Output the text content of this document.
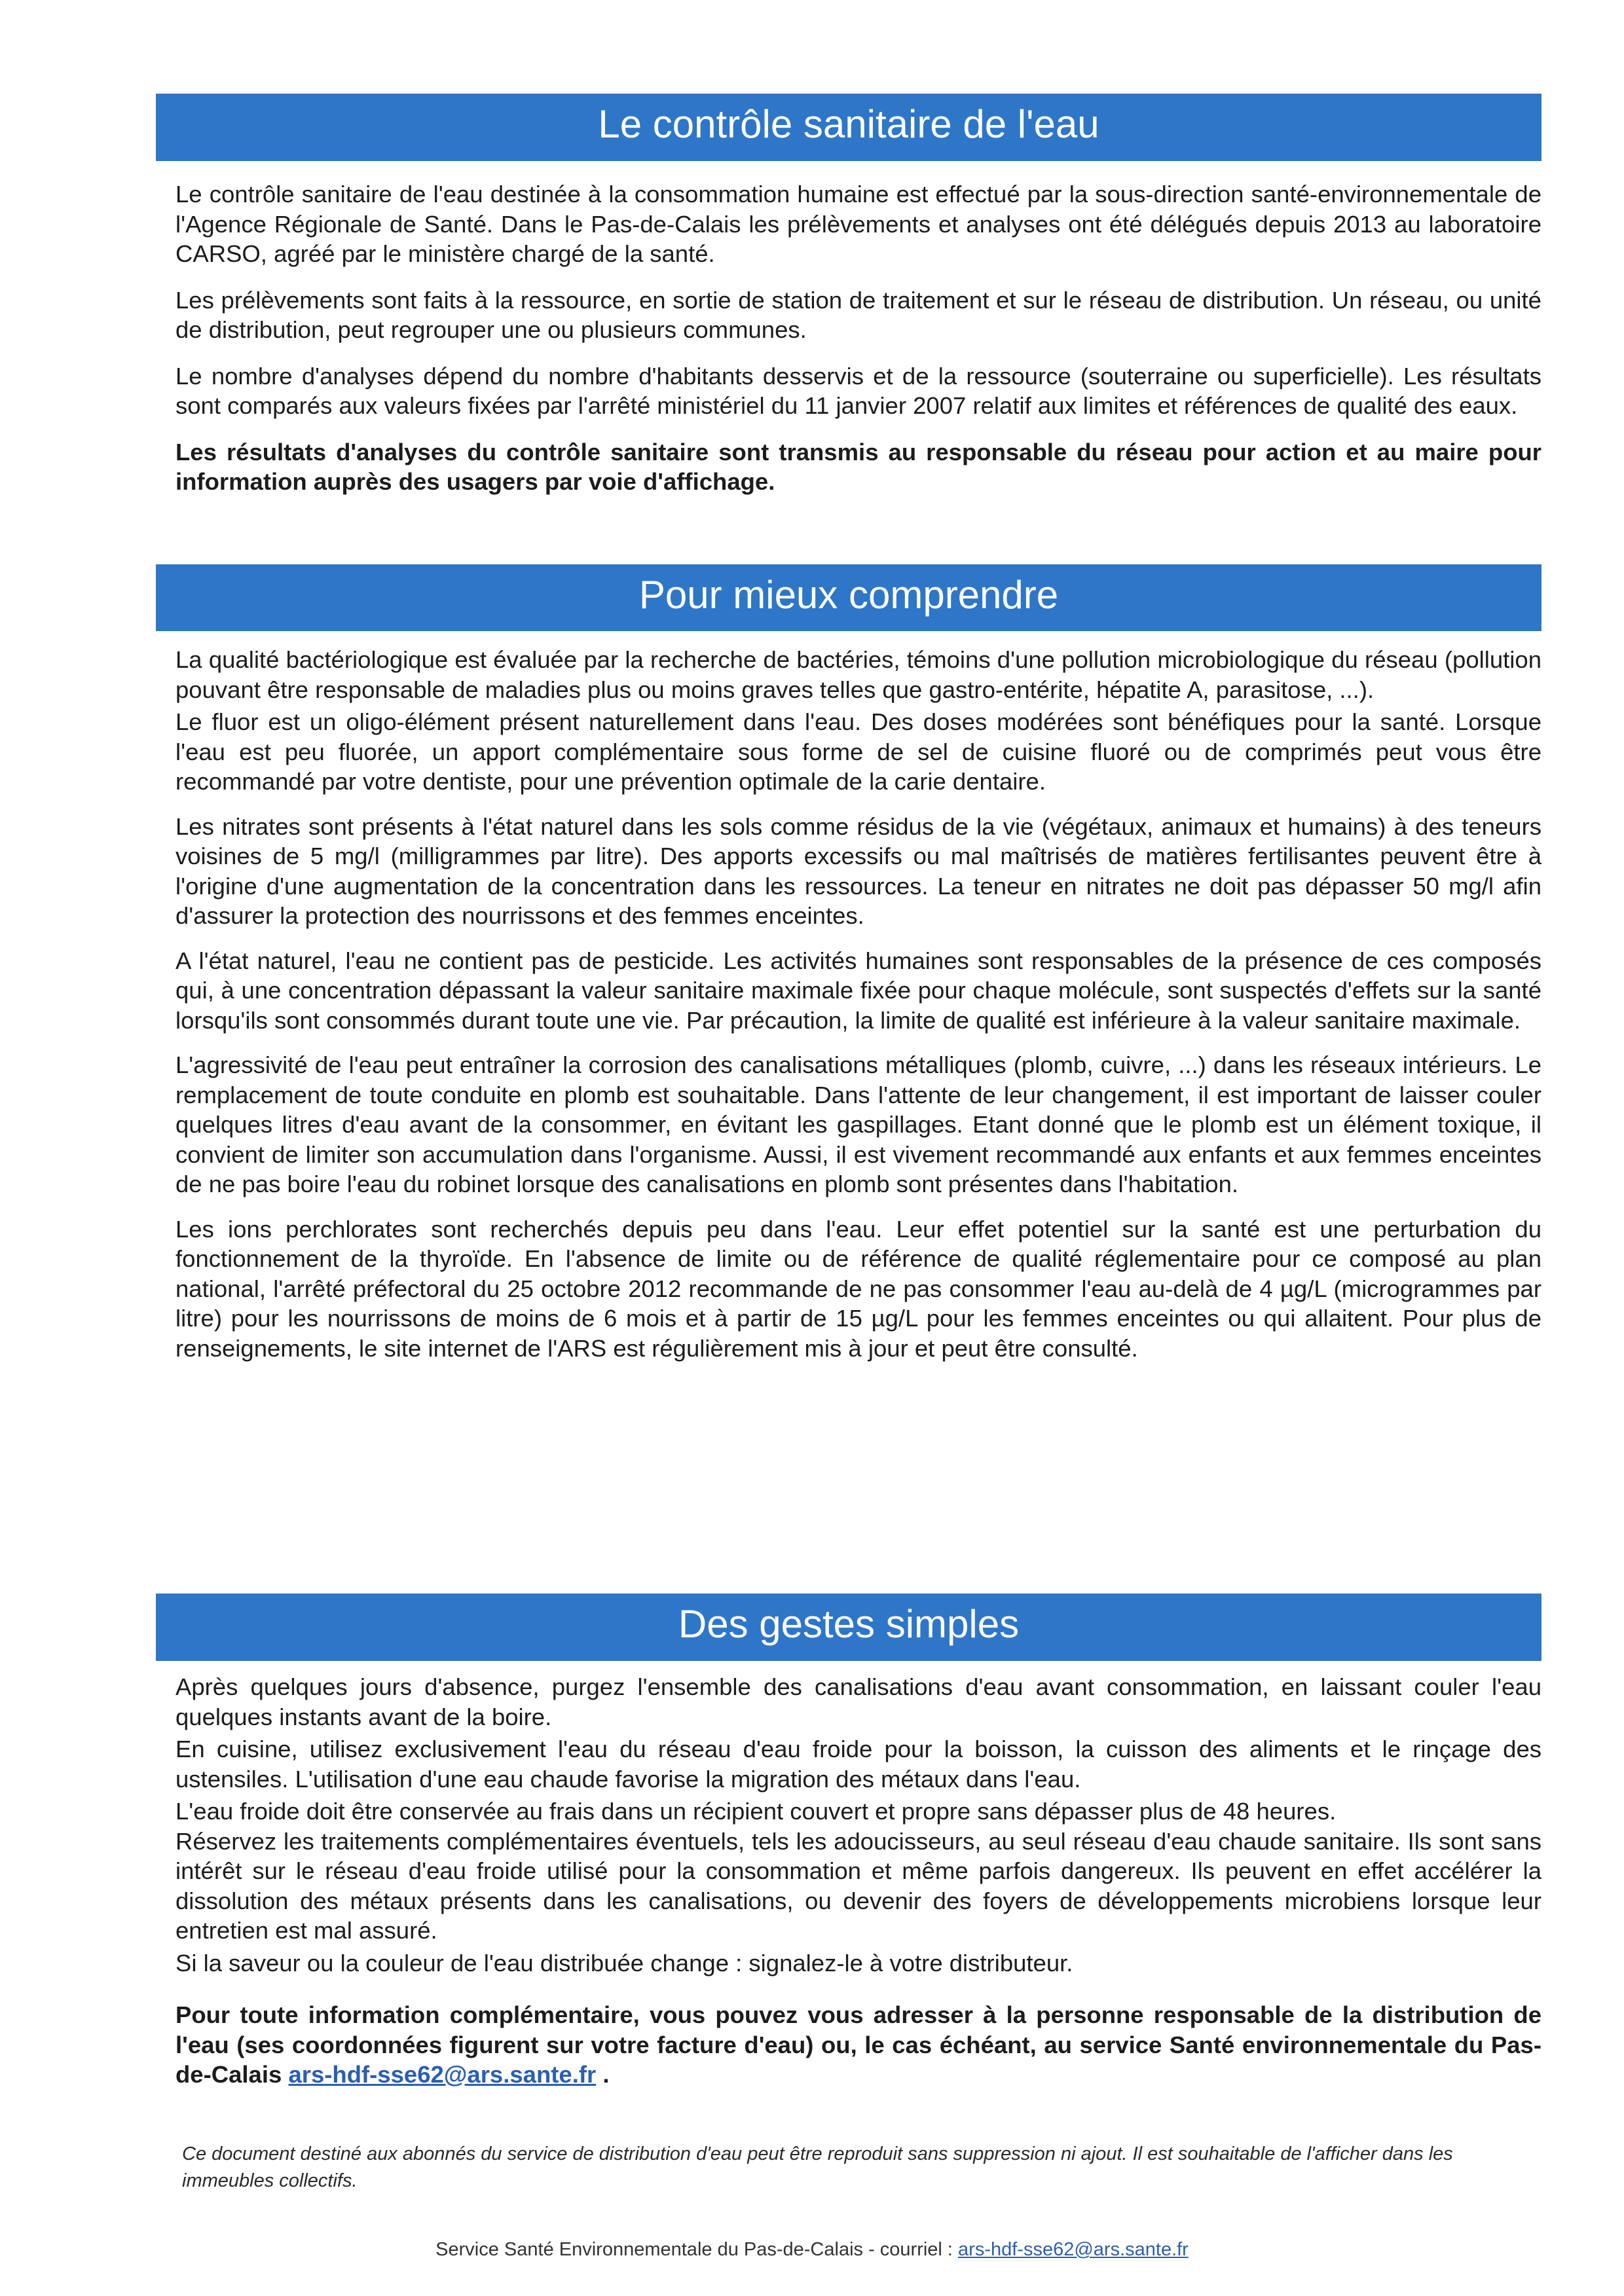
Le contrôle sanitaire de l'eau

Le contrôle sanitaire de l'eau destinée à la consommation humaine est effectué par la sous-direction santé-environnementale de l'Agence Régionale de Santé. Dans le Pas-de-Calais les prélèvements et analyses ont été délégués depuis 2013 au laboratoire CARSO, agréé par le ministère chargé de la santé.

Les prélèvements sont faits à la ressource, en sortie de station de traitement et sur le réseau de distribution. Un réseau, ou unité de distribution, peut regrouper une ou plusieurs communes.

Le nombre d'analyses dépend du nombre d'habitants desservis et de la ressource (souterraine ou superficielle). Les résultats sont comparés aux valeurs fixées par l'arrêté ministériel du 11 janvier 2007 relatif aux limites et références de qualité des eaux.

Les résultats d'analyses du contrôle sanitaire sont transmis au responsable du réseau pour action et au maire pour information auprès des usagers par voie d'affichage.

Pour mieux comprendre

La qualité bactériologique est évaluée par la recherche de bactéries, témoins d'une pollution microbiologique du réseau (pollution pouvant être responsable de maladies plus ou moins graves telles que gastro-entérite, hépatite A, parasitose, ...).

Le fluor est un oligo-élément présent naturellement dans l'eau. Des doses modérées sont bénéfiques pour la santé. Lorsque l'eau est peu fluorée, un apport complémentaire sous forme de sel de cuisine fluoré ou de comprimés peut vous être recommandé par votre dentiste, pour une prévention optimale de la carie dentaire.

Les nitrates sont présents à l'état naturel dans les sols comme résidus de la vie (végétaux, animaux et humains) à des teneurs voisines de 5 mg/l (milligrammes par litre). Des apports excessifs ou mal maîtrisés de matières fertilisantes peuvent être à l'origine d'une augmentation de la concentration dans les ressources. La teneur en nitrates ne doit pas dépasser 50 mg/l afin d'assurer la protection des nourrissons et des femmes enceintes.

A l'état naturel, l'eau ne contient pas de pesticide. Les activités humaines sont responsables de la présence de ces composés qui, à une concentration dépassant la valeur sanitaire maximale fixée pour chaque molécule, sont suspectés d'effets sur la santé lorsqu'ils sont consommés durant toute une vie. Par précaution, la limite de qualité est inférieure à la valeur sanitaire maximale.

L'agressivité de l'eau peut entraîner la corrosion des canalisations métalliques (plomb, cuivre, ...) dans les réseaux intérieurs. Le remplacement de toute conduite en plomb est souhaitable. Dans l'attente de leur changement, il est important de laisser couler quelques litres d'eau avant de la consommer, en évitant les gaspillages. Etant donné que le plomb est un élément toxique, il convient de limiter son accumulation dans l'organisme. Aussi, il est vivement recommandé aux enfants et aux femmes enceintes de ne pas boire l'eau du robinet lorsque des canalisations en plomb sont présentes dans l'habitation.

Les ions perchlorates sont recherchés depuis peu dans l'eau. Leur effet potentiel sur la santé est une perturbation du fonctionnement de la thyroïde. En l'absence de limite ou de référence de qualité réglementaire pour ce composé au plan national, l'arrêté préfectoral du 25 octobre 2012 recommande de ne pas consommer l'eau au-delà de 4 µg/L (microgrammes par litre) pour les nourrissons de moins de 6 mois et à partir de 15 µg/L pour les femmes enceintes ou qui allaitent. Pour plus de renseignements, le site internet de l'ARS est régulièrement mis à jour et peut être consulté.

Des gestes simples

Après quelques jours d'absence, purgez l'ensemble des canalisations d'eau avant consommation, en laissant couler l'eau quelques instants avant de la boire.

En cuisine, utilisez exclusivement l'eau du réseau d'eau froide pour la boisson, la cuisson des aliments et le rinçage des ustensiles. L'utilisation d'une eau chaude favorise la migration des métaux dans l'eau.

L'eau froide doit être conservée au frais dans un récipient couvert et propre sans dépasser plus de 48 heures.

Réservez les traitements complémentaires éventuels, tels les adoucisseurs, au seul réseau d'eau chaude sanitaire. Ils sont sans intérêt sur le réseau d'eau froide utilisé pour la consommation et même parfois dangereux. Ils peuvent en effet accélérer la dissolution des métaux présents dans les canalisations, ou devenir des foyers de développements microbiens lorsque leur entretien est mal assuré.

Si la saveur ou la couleur de l'eau distribuée change : signalez-le à votre distributeur.

Pour toute information complémentaire, vous pouvez vous adresser à la personne responsable de la distribution de l'eau (ses coordonnées figurent sur votre facture d'eau) ou, le cas échéant, au service Santé environnementale du Pas-de-Calais ars-hdf-sse62@ars.sante.fr .

Ce document destiné aux abonnés du service de distribution d'eau peut être reproduit sans suppression ni ajout. Il est souhaitable de l'afficher dans les immeubles collectifs.
Service Santé Environnementale du Pas-de-Calais - courriel : ars-hdf-sse62@ars.sante.fr
